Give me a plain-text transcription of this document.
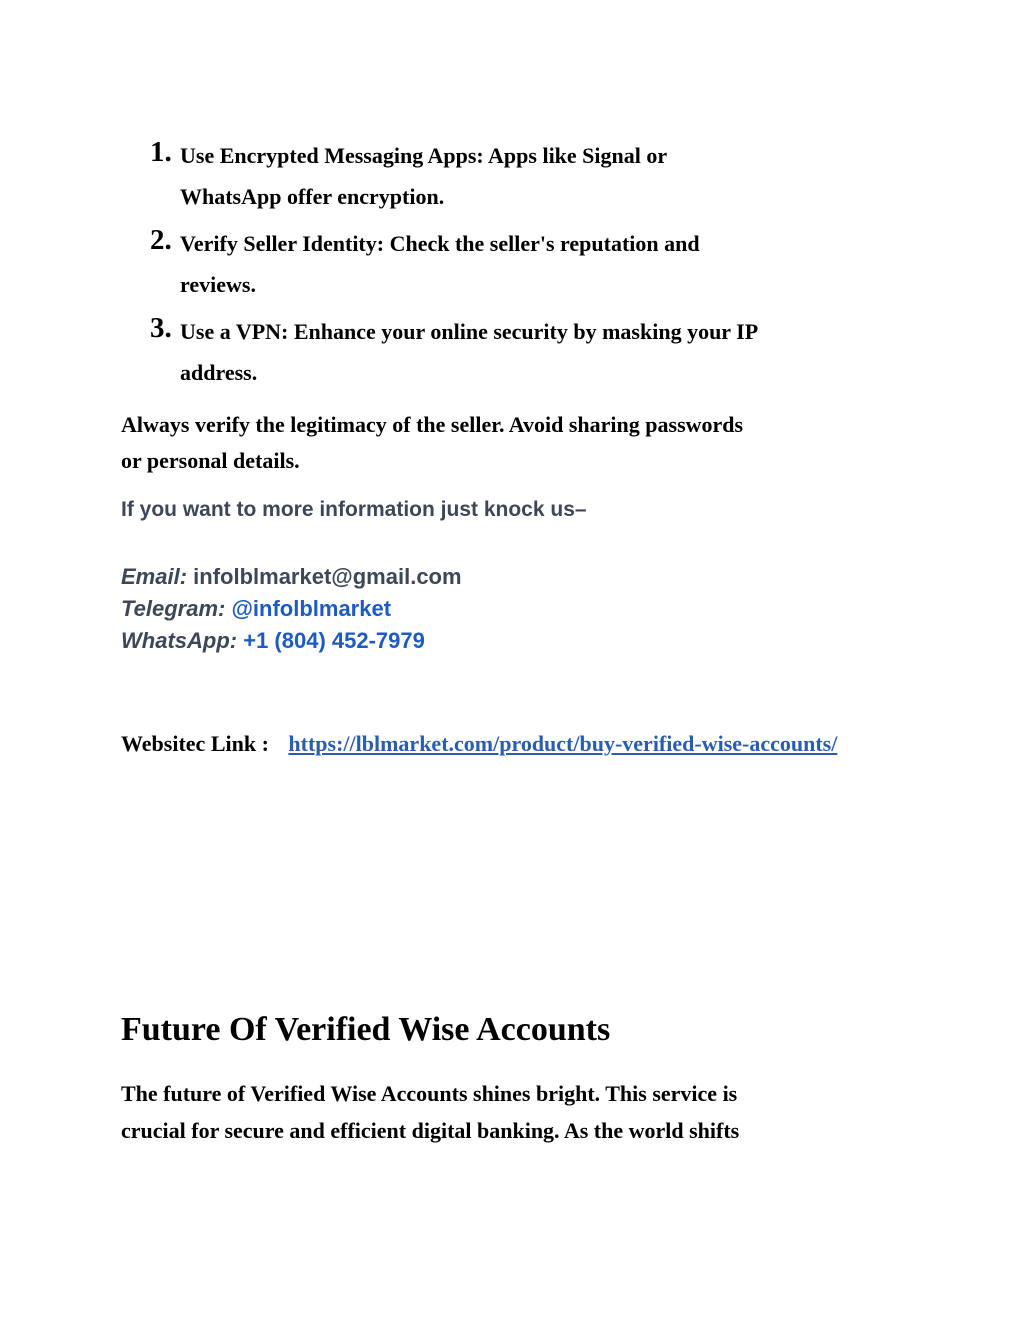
1. Use Encrypted Messaging Apps: Apps like Signal or
WhatsApp offer encryption.
2. Verify Seller Identity: Check the seller's reputation and
reviews.
3. Use a VPN: Enhance your online security by masking your IP
address.
Always verify the legitimacy of the seller. Avoid sharing passwords
or personal details.
If you want to more information just knock us–
Email: infolblmarket@gmail.com
Telegram: @infolblmarket
WhatsApp: +1 (804) 452-7979
Websitec Link : https://lblmarket.com/product/buy-verified-wise-accounts/
Future Of Verified Wise Accounts
The future of Verified Wise Accounts shines bright. This service is
crucial for secure and efficient digital banking. As the world shifts
